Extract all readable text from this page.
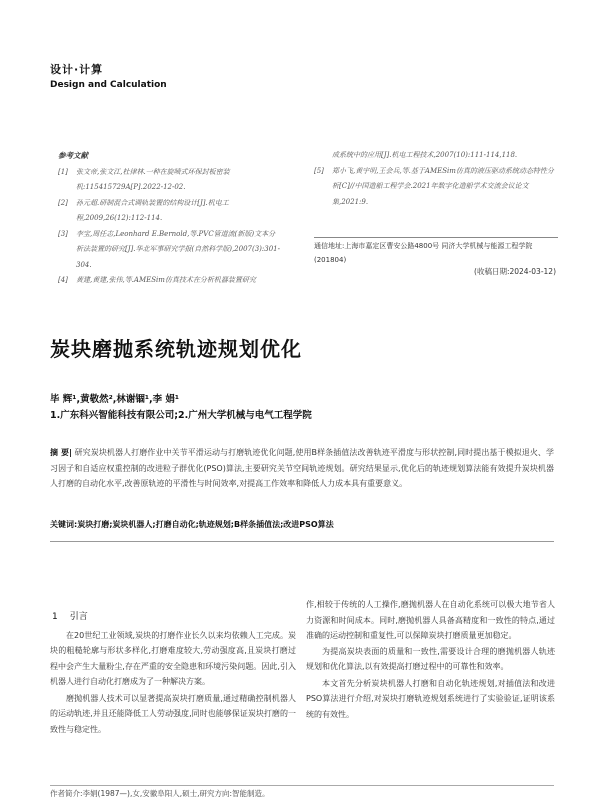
设计·计算
Design and Calculation
参考文献
[1]	张文帝,张文江,杜律林.一种在旋喷式环保封板密装机:115415729A[P].2022-12-02.
[2]	孙元超.研制混合式调轨装置的结构设计[J].机电工程,2009,26(12):112-114.
[3]	李宝,周任志,Leonhard E.Bernold,等.PVC管道流(新版)文本分析法装置的研究[J].华北军事研究学报(自然科学版),2007(3):301-304.
[4]	黄建,黄建,张伟,等.AMESim仿真技术在分析机器装置研究
成系统中的应用[J].机电工程技术,2007(10):111-114,118.
[5]	郑小飞,黄宇明,王会兵,等.基于AMESim仿真的液压驱动系统动态特性分析[C]//中国造船工程学会.2021年数字化造船学术交流会议论文集,2021:9.
通信地址:上海市嘉定区曹安公路4800号 同济大学机械与能源工程学院(201804)
(收稿日期:2024-03-12)
炭块磨抛系统轨迹规划优化
毕 辉¹,黄敬然²,林谢锢¹,李 娟¹
1.广东科兴智能科技有限公司;2.广州大学机械与电气工程学院
摘 要| 研究炭块机器人打磨作业中关节平滑运动与打磨轨迹优化问题,使用B样条插值法改善轨迹平滑度与形状控制,同时提出基于模拟退火、学习因子和自适应权重控制的改进粒子群优化(PSO)算法,主要研究关节空间轨迹规划。研究结果显示,优化后的轨迹规划算法能有效提升炭块机器人打磨的自动化水平,改善原轨迹的平滑性与时间效率,对提高工作效率和降低人力成本具有重要意义。
关键词:炭块打磨;炭块机器人;打磨自动化;轨迹规划;B样条插值法;改进PSO算法
1 引言

在20世纪工业领域,炭块的打磨作业长久以来均依赖人工完成。炭块的粗糙轮廓与形状多样化,打磨难度较大,劳动强度高,且炭块打磨过程中会产生大量粉尘,存在严重的安全隐患和环境污染问题。因此,引入机器人进行自动化打磨成为了一种解决方案。

磨抛机器人技术可以显著提高炭块打磨质量,通过精确控制机器人的运动轨迹,并且还能降低工人劳动强度,同时也能够保证炭块打磨的一致性与稳定性。

作,相较于传统的人工操作,磨抛机器人在自动化系统可以极大地节省人力资源和时间成本。同时,磨抛机器人具备高精度和一致性的特点,通过准确的运动控制和重复性,可以保障炭块打磨质量更加稳定。

为提高炭块表面的质量和一致性,需要设计合理的磨抛机器人轨迹规划和优化算法,以有效提高打磨过程中的可靠性和效率。

本文首先分析炭块机器人打磨和自动化轨迹规划,对插值法和改进PSO算法进行介绍,对炭块打磨轨迹规划系统进行了实验验证,证明该系统的有效性。

作者简介:李娟(1987—),女,安徽阜阳人,硕士,研究方向:智能制造。
